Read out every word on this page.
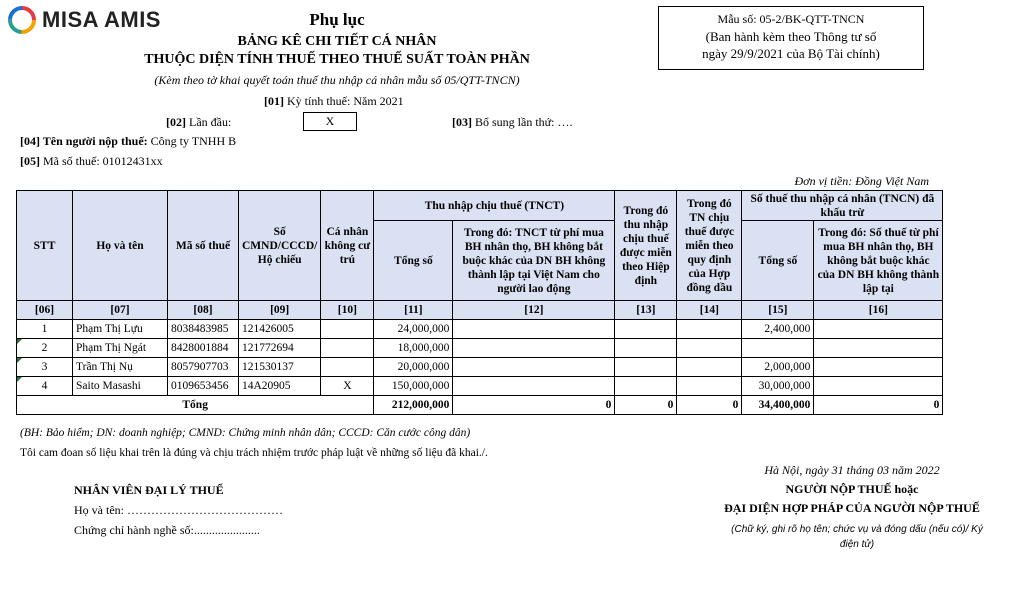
MISA AMIS	Phụ lục
BẢNG KÊ CHI TIẾT CÁ NHÂN
THUỘC DIỆN TÍNH THUẾ THEO THUẾ SUẤT TOÀN PHẦN
(Kèm theo tờ khai quyết toán thuế thu nhập cá nhân mẫu số 05/QTT-TNCN)
Mẫu số: 05-2/BK-QTT-TNCN
(Ban hành kèm theo Thông tư số
ngày 29/9/2021 của Bộ Tài chính)
[01] Kỳ tính thuế: Năm 2021
[02] Lần đầu:	X	[03] Bổ sung lần thứ: ….
[04] Tên người nộp thuế: Công ty TNHH B
[05] Mã số thuế: 01012431xx
Đơn vị tiền: Đồng Việt Nam
STT	Họ và tên	Mã số thuế	Số CMND/CCCD/ Hộ chiếu	Cá nhân không cư trú	Thu nhập chịu thuế (TNCT)		Trong đó thu nhập chịu thuế được miễn theo Hiệp định	Trong đó TN chịu thuế được miễn theo quy định của Hợp đồng dầu	Số thuế thu nhập cá nhân (TNCN) đã khấu trừ	
					Tổng số	Trong đó: TNCT từ phí mua BH nhân thọ, BH không bắt buộc khác của DN BH không thành lập tại Việt Nam cho người lao động			Tổng số	Trong đó: Số thuế từ phí mua BH nhân thọ, BH không bắt buộc khác của DN BH không thành lập tại
[06]	[07]	[08]	[09]	[10]	[11]	[12]	[13]	[14]	[15]	[16]
1	Phạm Thị Lựu	8038483985	121426005		24,000,000				2,400,000	
2	Phạm Thị Ngát	8428001884	121772694		18,000,000					
3	Trần Thị Nụ	8057907703	121530137		20,000,000				2,000,000	
4	Saito Masashi	0109653456	14A20905	X	150,000,000				30,000,000	
Tổng					212,000,000	0	0	0	34,400,000	0
(BH: Bảo hiểm; DN: doanh nghiệp; CMND: Chứng minh nhân dân; CCCD: Căn cước công dân)
Tôi cam đoan số liệu khai trên là đúng và chịu trách nhiệm trước pháp luật về những số liệu đã khai./.
NHÂN VIÊN ĐẠI LÝ THUẾ
Họ và tên: …………………………………
Chứng chỉ hành nghề số:......................
Hà Nội, ngày 31 tháng 03 năm 2022
NGƯỜI NỘP THUẾ hoặc
ĐẠI DIỆN HỢP PHÁP CỦA NGƯỜI NỘP THUẾ
(Chữ ký, ghi rõ họ tên; chức vụ và đóng dấu (nếu có)/ Ký
điện tử)
